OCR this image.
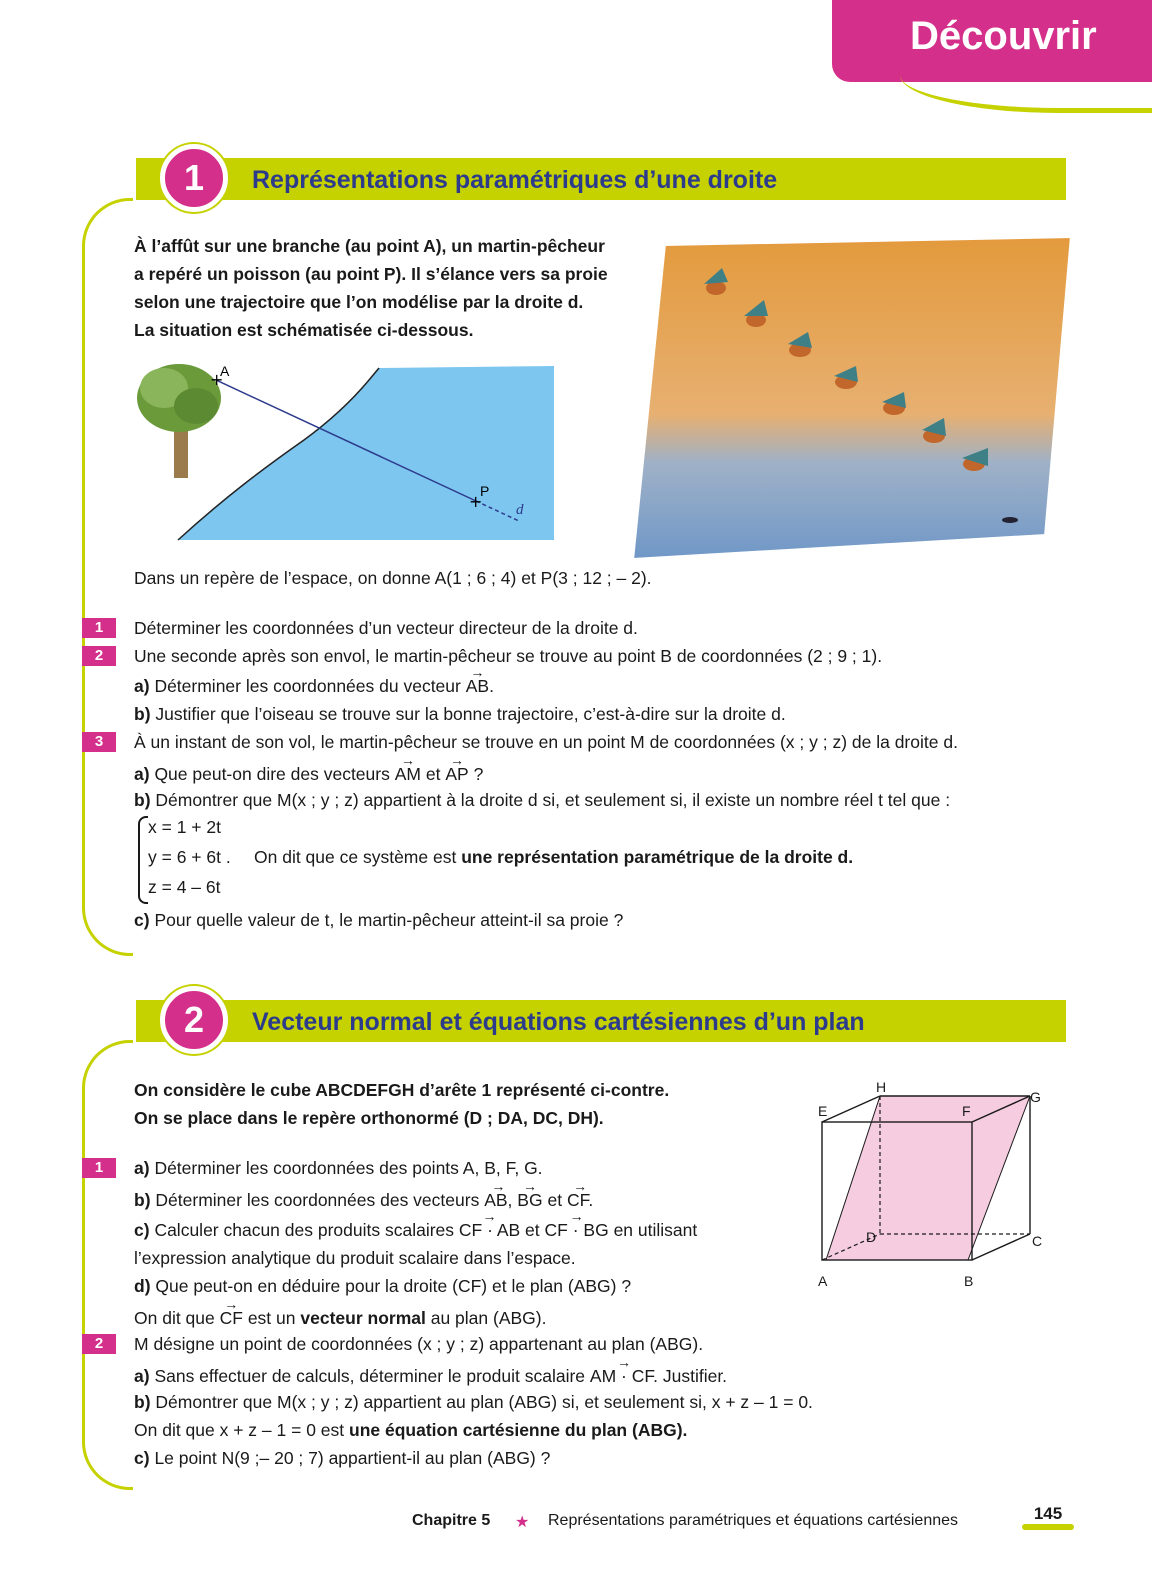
Découvrir
1	Représentations paramétriques d’une droite
À l’affût sur une branche (au point A), un martin-pêcheur
a repéré un poisson (au point P). Il s’élance vers sa proie
selon une trajectoire que l’on modélise par la droite d.
La situation est schématisée ci-dessous.
+
+
A
P
d
Dans un repère de l’espace, on donne A(1 ; 6 ; 4) et P(3 ; 12 ; – 2).
1	Déterminer les coordonnées d’un vecteur directeur de la droite d.
2	Une seconde après son envol, le martin-pêcheur se trouve au point B de coordonnées (2 ; 9 ; 1).
a) Déterminer les coordonnées du vecteur → AB.
b) Justifier que l’oiseau se trouve sur la bonne trajectoire, c’est-à-dire sur la droite d.
3	À un instant de son vol, le martin-pêcheur se trouve en un point M de coordonnées (x ; y ; z) de la droite d.
a) Que peut-on dire des vecteurs → AM et → AP ?
b) Démontrer que M(x ; y ; z) appartient à la droite d si, et seulement si, il existe un nombre réel t tel que :
x = 1 + 2t
y = 6 + 6t .
z = 4 – 6t
On dit que ce système est une représentation paramétrique de la droite d.
c) Pour quelle valeur de t, le martin-pêcheur atteint-il sa proie ?
2	Vecteur normal et équations cartésiennes d’un plan
On considère le cube ABCDEFGH d’arête 1 représenté ci-contre.
On se place dans le repère orthonormé (D ; DA, DC, DH).
A	B
C
D
E	F
G
H
1	a) Déterminer les coordonnées des points A, B, F, G.
b) Déterminer les coordonnées des vecteurs → AB, → BG et → CF.
c) Calculer chacun des produits scalaires → CF · AB et → CF · BG en utilisant
l’expression analytique du produit scalaire dans l’espace.
d) Que peut-on en déduire pour la droite (CF) et le plan (ABG) ?
On dit que → CF est un vecteur normal au plan (ABG).
2	M désigne un point de coordonnées (x ; y ; z) appartenant au plan (ABG).
a) Sans effectuer de calculs, déterminer le produit scalaire → AM · CF. Justifier.
b) Démontrer que M(x ; y ; z) appartient au plan (ABG) si, et seulement si, x + z – 1 = 0.
On dit que x + z – 1 = 0 est une équation cartésienne du plan (ABG).
c) Le point N(9 ;– 20 ; 7) appartient-il au plan (ABG) ?
Chapitre 5 ★ Représentations paramétriques et équations cartésiennes	145
